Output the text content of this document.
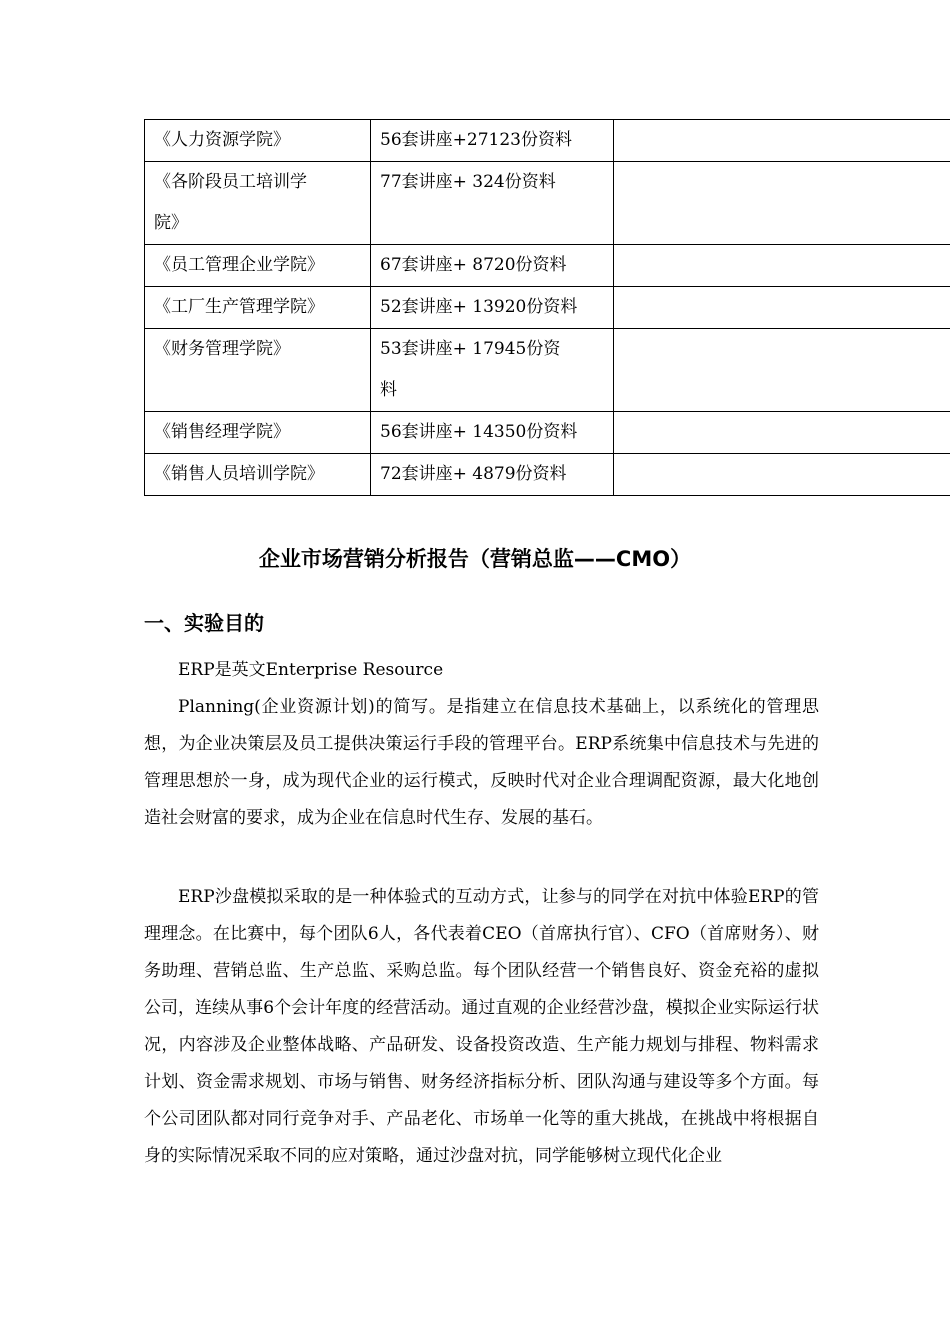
《人力资源学院》	56套讲座+27123份资料	
《各阶段员工培训学院》	77套讲座+ 324份资料	
《员工管理企业学院》	67套讲座+ 8720份资料	
《工厂生产管理学院》	52套讲座+ 13920份资料	
《财务管理学院》	53套讲座+ 17945份资料	
《销售经理学院》	56套讲座+ 14350份资料	
《销售人员培训学院》	72套讲座+ 4879份资料	
企业市场营销分析报告（营销总监——CMO）
一、实验目的

ERP是英文Enterprise Resource

Planning(企业资源计划)的简写。是指建立在信息技术基础上，以系统化的管理思想，为企业决策层及员工提供决策运行手段的管理平台。ERP系统集中信息技术与先进的管理思想於一身，成为现代企业的运行模式，反映时代对企业合理调配资源，最大化地创造社会财富的要求，成为企业在信息时代生存、发展的基石。

ERP沙盘模拟采取的是一种体验式的互动方式，让参与的同学在对抗中体验ERP的管理理念。在比赛中，每个团队6人，各代表着CEO（首席执行官）、CFO（首席财务）、财务助理、营销总监、生产总监、采购总监。每个团队经营一个销售良好、资金充裕的虚拟公司，连续从事6个会计年度的经营活动。通过直观的企业经营沙盘，模拟企业实际运行状况，内容涉及企业整体战略、产品研发、设备投资改造、生产能力规划与排程、物料需求计划、资金需求规划、市场与销售、财务经济指标分析、团队沟通与建设等多个方面。每个公司团队都对同行竞争对手、产品老化、市场单一化等的重大挑战，在挑战中将根据自身的实际情况采取不同的应对策略，通过沙盘对抗，同学能够树立现代化企业
